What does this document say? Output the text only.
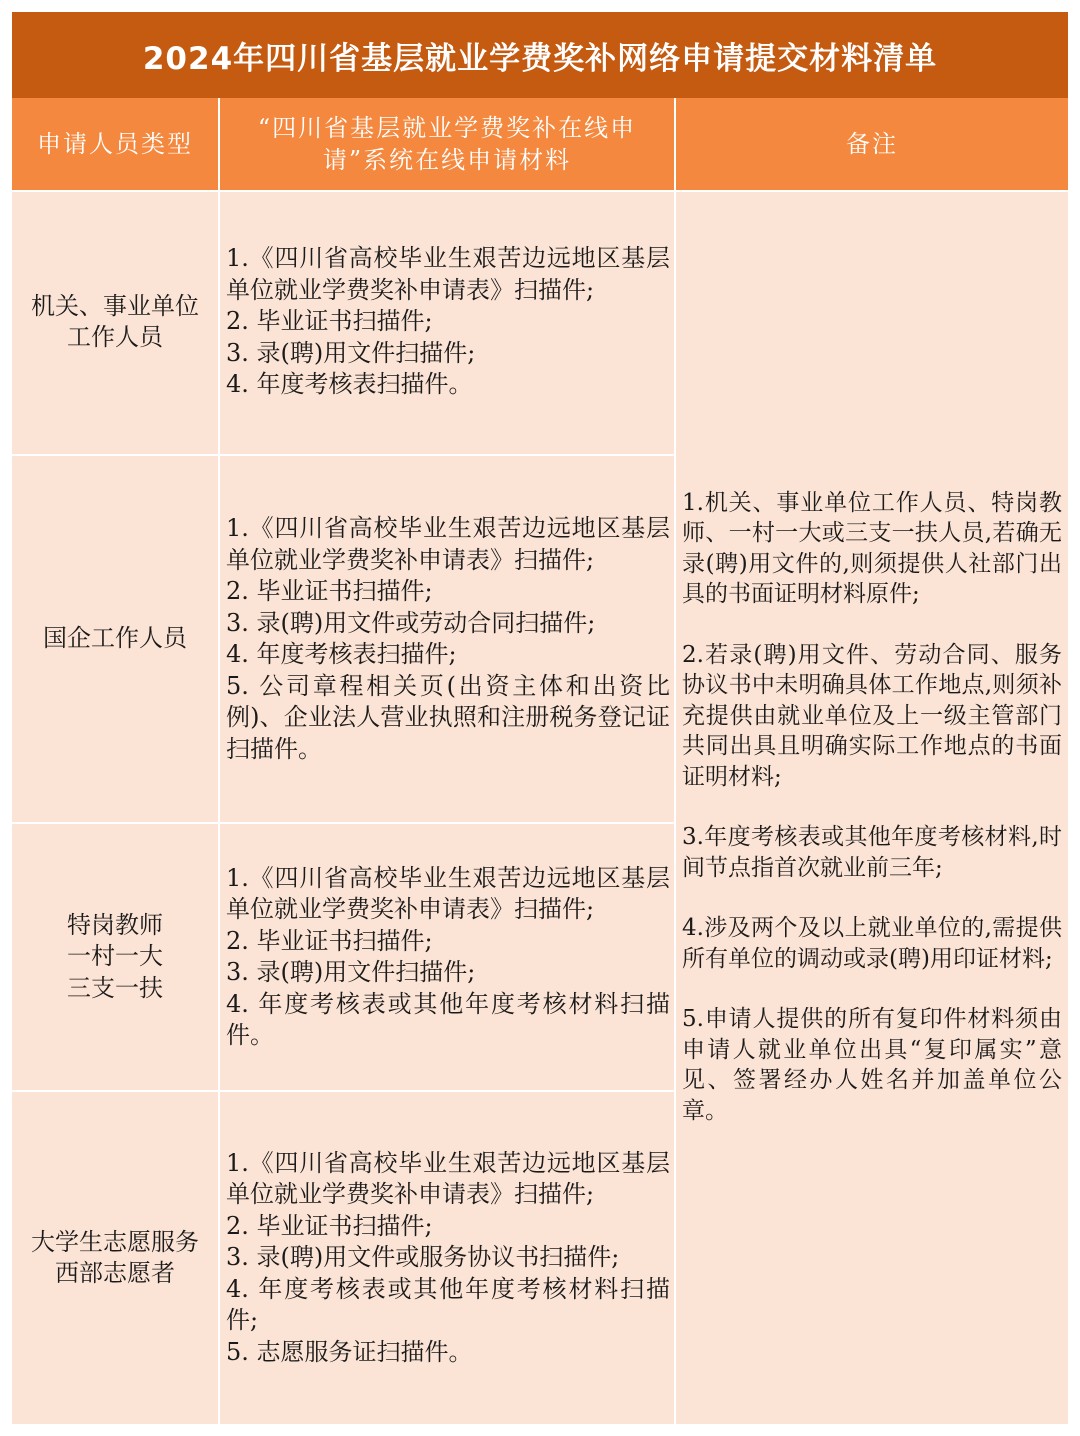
2024年四川省基层就业学费奖补网络申请提交材料清单
申请人员类型
“四川省基层就业学费奖补在线申请”系统在线申请材料
备注
机关、事业单位
工作人员
1.《四川省高校毕业生艰苦边远地区基层单位就业学费奖补申请表》扫描件;
2. 毕业证书扫描件;
3. 录(聘)用文件扫描件;
4. 年度考核表扫描件。
国企工作人员
1.《四川省高校毕业生艰苦边远地区基层单位就业学费奖补申请表》扫描件;
2. 毕业证书扫描件;
3. 录(聘)用文件或劳动合同扫描件;
4. 年度考核表扫描件;
5. 公司章程相关页(出资主体和出资比例)、企业法人营业执照和注册税务登记证扫描件。
特岗教师
一村一大
三支一扶
1.《四川省高校毕业生艰苦边远地区基层单位就业学费奖补申请表》扫描件;
2. 毕业证书扫描件;
3. 录(聘)用文件扫描件;
4. 年度考核表或其他年度考核材料扫描件。
大学生志愿服务
西部志愿者
1.《四川省高校毕业生艰苦边远地区基层单位就业学费奖补申请表》扫描件;
2. 毕业证书扫描件;
3. 录(聘)用文件或服务协议书扫描件;
4. 年度考核表或其他年度考核材料扫描件;
5. 志愿服务证扫描件。
1.机关、事业单位工作人员、特岗教师、一村一大或三支一扶人员,若确无录(聘)用文件的,则须提供人社部门出具的书面证明材料原件;
2.若录(聘)用文件、劳动合同、服务协议书中未明确具体工作地点,则须补充提供由就业单位及上一级主管部门共同出具且明确实际工作地点的书面证明材料;
3.年度考核表或其他年度考核材料,时间节点指首次就业前三年;
4.涉及两个及以上就业单位的,需提供所有单位的调动或录(聘)用印证材料;
5.申请人提供的所有复印件材料须由申请人就业单位出具“复印属实”意见、签署经办人姓名并加盖单位公章。
